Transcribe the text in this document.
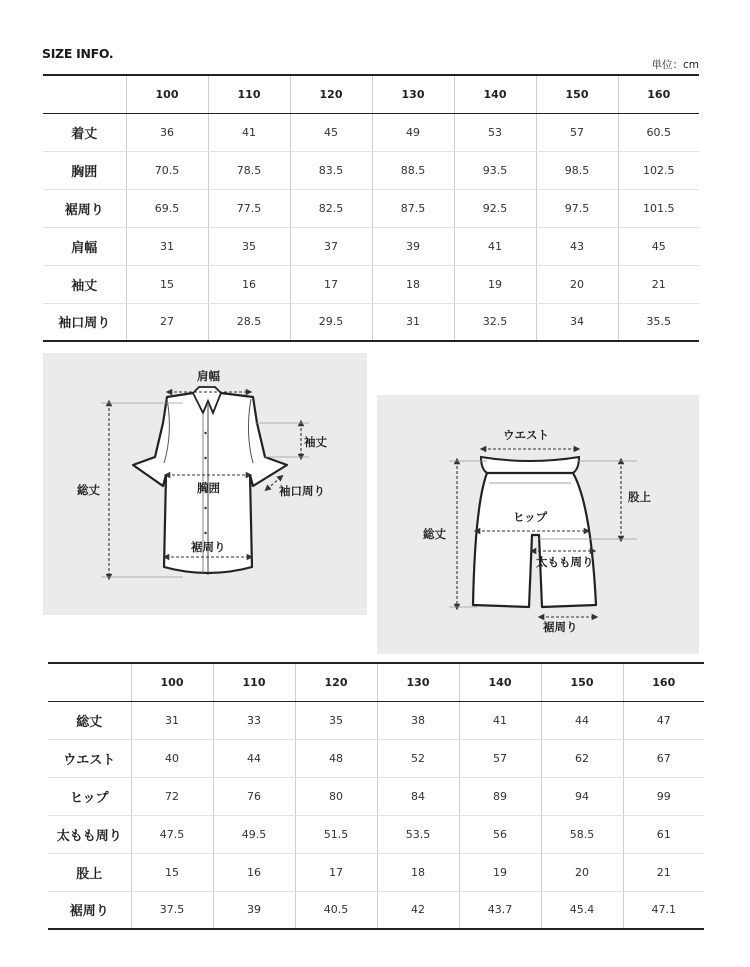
SIZE INFO.
単位：cm
	100	110	120	130	140	150	160
着丈	36	41	45	49	53	57	60.5
胸囲	70.5	78.5	83.5	88.5	93.5	98.5	102.5
裾周り	69.5	77.5	82.5	87.5	92.5	97.5	101.5
肩幅	31	35	37	39	41	43	45
袖丈	15	16	17	18	19	20	21
袖口周り	27	28.5	29.5	31	32.5	34	35.5
肩幅
袖丈
総丈	胸囲	袖口周り
裾周り
ウエスト
股上
総丈
ヒップ
太もも周り
裾周り
	100	110	120	130	140	150	160
総丈	31	33	35	38	41	44	47
ウエスト	40	44	48	52	57	62	67
ヒップ	72	76	80	84	89	94	99
太もも周り	47.5	49.5	51.5	53.5	56	58.5	61
股上	15	16	17	18	19	20	21
裾周り	37.5	39	40.5	42	43.7	45.4	47.1
